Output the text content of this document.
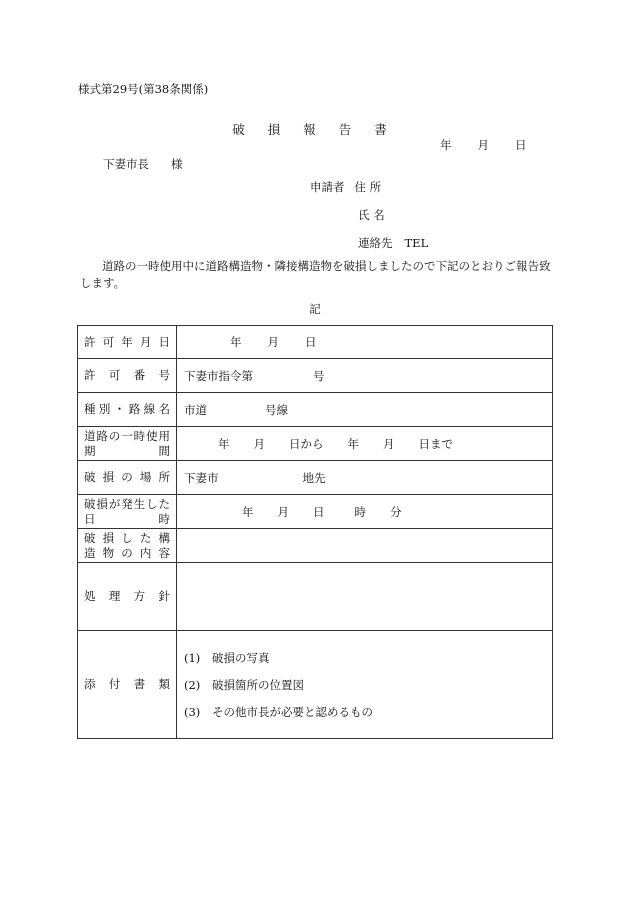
様式第29号(第38条関係)
破損報告書
年 月 日
下妻市長 様
申請者 住 所
氏 名
連絡先 TEL
道路の一時使用中に道路構造物・隣接構造物を破損しましたので下記のとおりご報告致します。
記
許可年月日	年 月 日

許可番号	下妻市指令第 号

種別・路線名	市道 号線

道路の一時使用
期間	年 月 日から 年 月 日まで

破損の場所	下妻市 地先

破損が発生した
日時	年 月 日 時 分

破損した構
造物の内容	

処理方針	

添付書類	(1) 破損の写真
(2) 破損箇所の位置図
(3) その他市長が必要と認めるもの
